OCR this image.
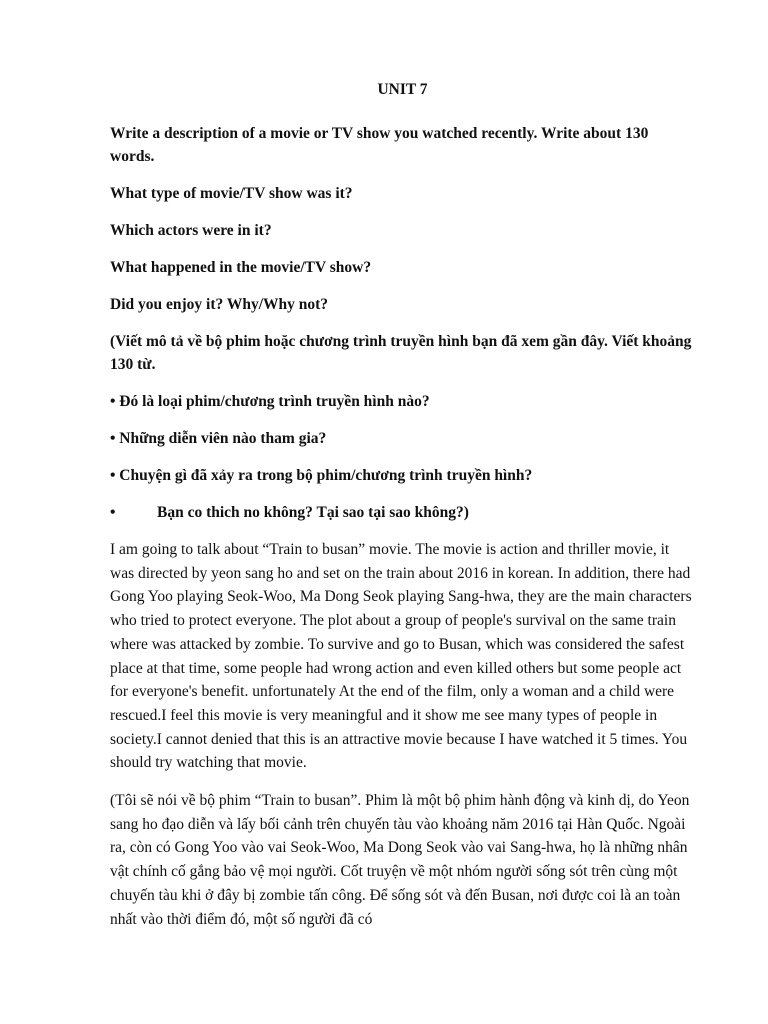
UNIT 7
Write a description of a movie or TV show you watched recently. Write about 130 words.
What type of movie/TV show was it?
Which actors were in it?
What happened in the movie/TV show?
Did you enjoy it? Why/Why not?
(Viết mô tả về bộ phim hoặc chương trình truyền hình bạn đã xem gần đây. Viết khoảng 130 từ.
• Đó là loại phim/chương trình truyền hình nào?
• Những diễn viên nào tham gia?
• Chuyện gì đã xảy ra trong bộ phim/chương trình truyền hình?
•	Bạn co thich no không? Tại sao tại sao không?)
I am going to talk about “Train to busan” movie. The movie is action and thriller movie, it was directed by yeon sang ho and set on the train about 2016 in korean. In addition, there had Gong Yoo playing Seok-Woo, Ma Dong Seok playing Sang-hwa, they are the main characters who tried to protect everyone. The plot about a group of people's survival on the same train where was attacked by zombie. To survive and go to Busan, which was considered the safest place at that time, some people had wrong action and even killed others but some people act for everyone's benefit. unfortunately At the end of the film, only a woman and a child were rescued.I feel this movie is very meaningful and it show me see many types of people in society.I cannot denied that this is an attractive movie because I have watched it 5 times. You should try watching that movie.
(Tôi sẽ nói về bộ phim “Train to busan”. Phim là một bộ phim hành động và kinh dị, do Yeon sang ho đạo diễn và lấy bối cảnh trên chuyến tàu vào khoảng năm 2016 tại Hàn Quốc. Ngoài ra, còn có Gong Yoo vào vai Seok-Woo, Ma Dong Seok vào vai Sang-hwa, họ là những nhân vật chính cố gắng bảo vệ mọi người. Cốt truyện về một nhóm người sống sót trên cùng một chuyến tàu khi ở đây bị zombie tấn công. Để sống sót và đến Busan, nơi được coi là an toàn nhất vào thời điểm đó, một số người đã có
